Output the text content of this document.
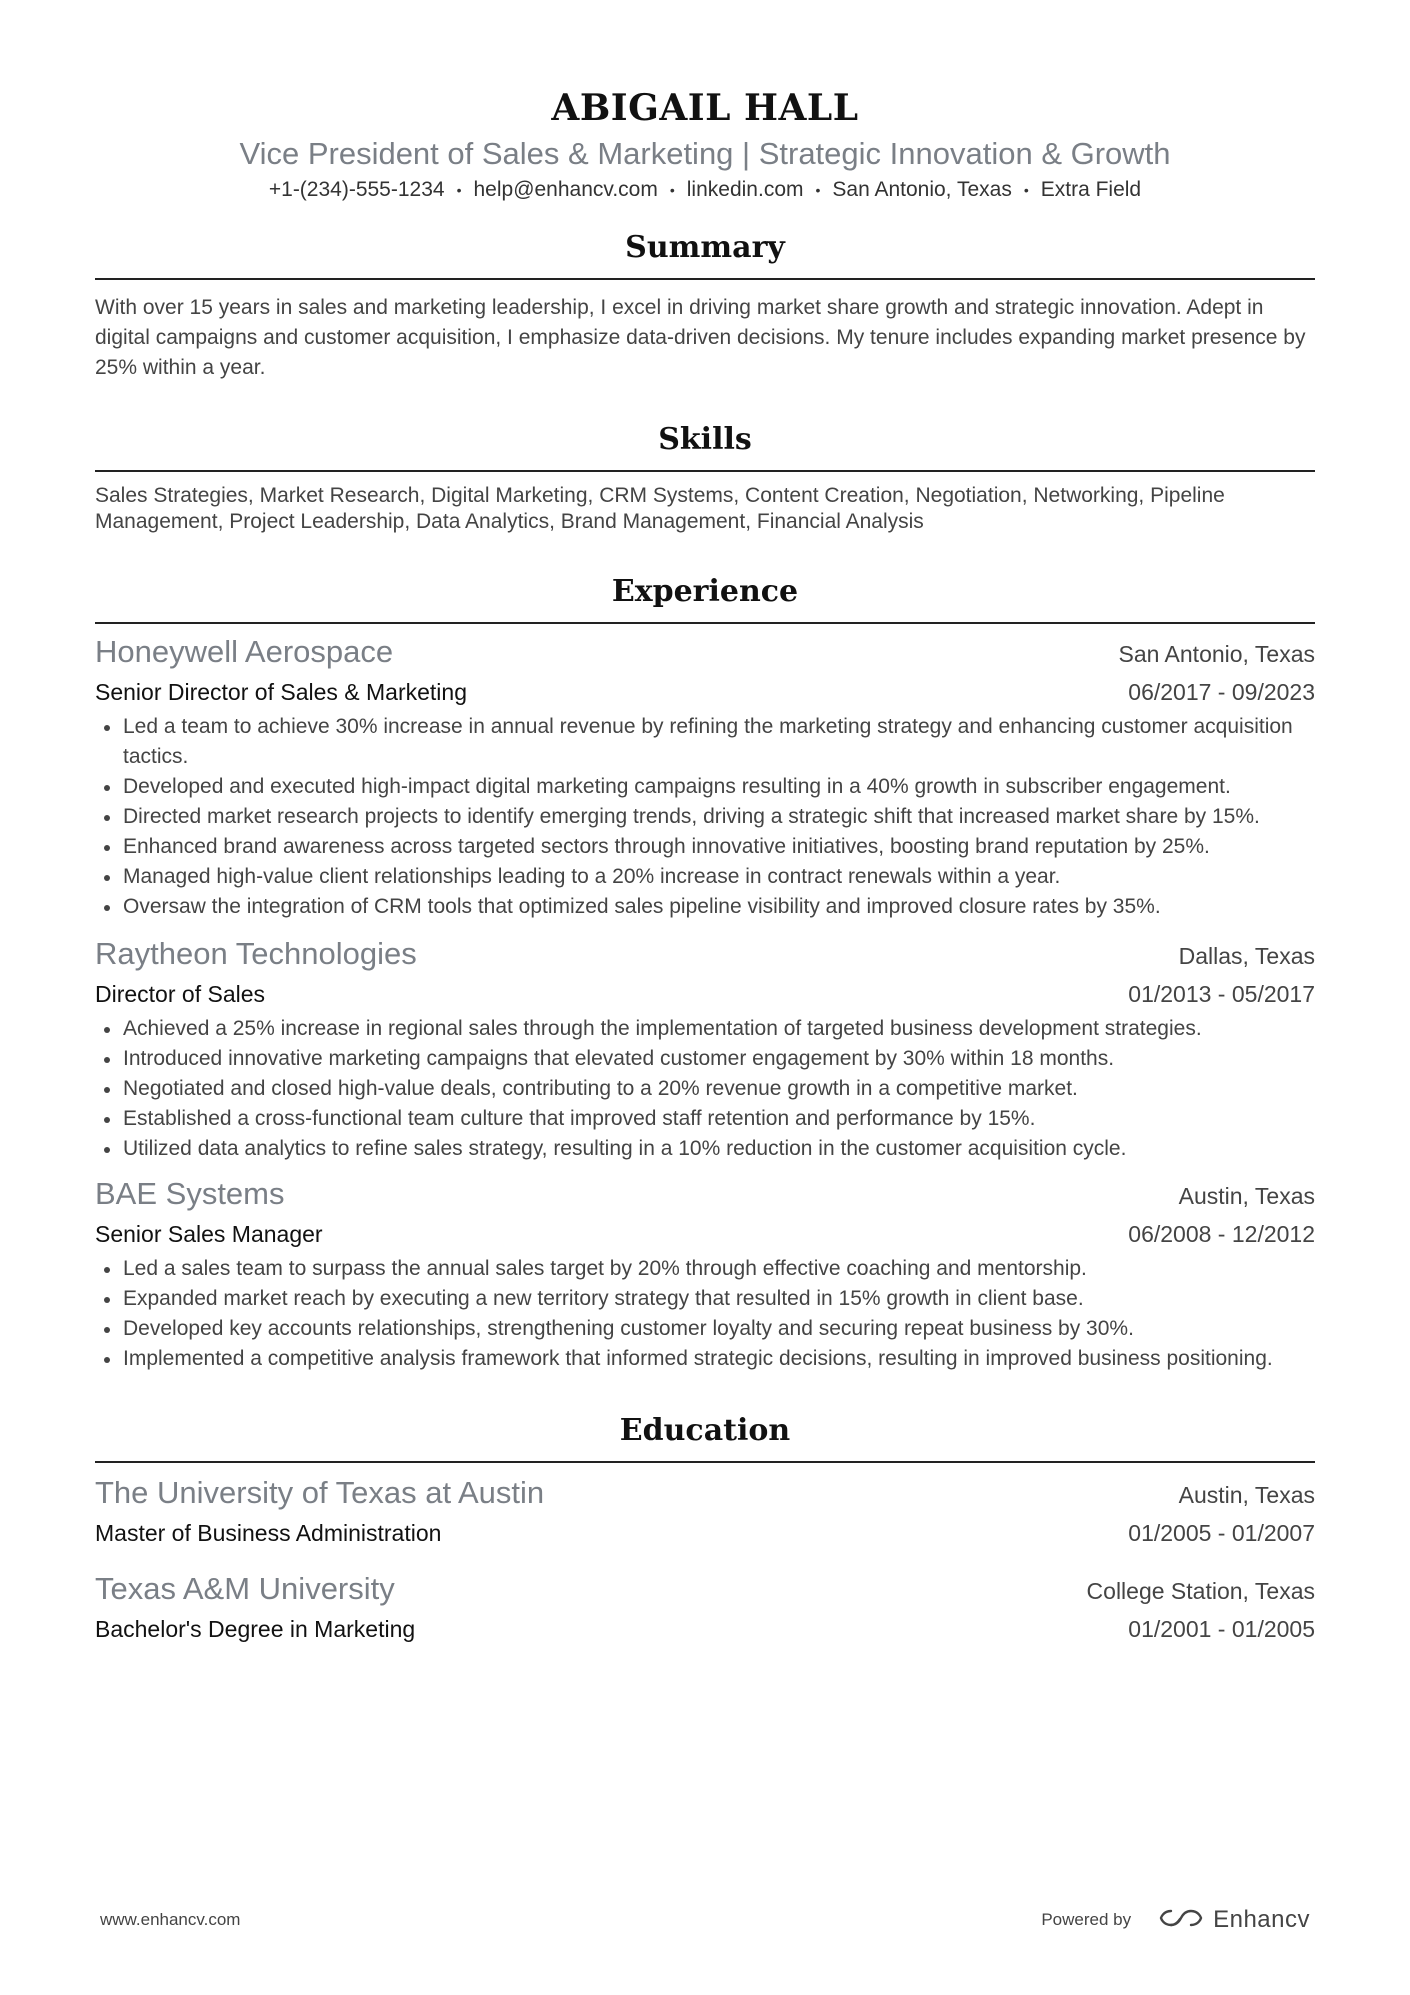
ABIGAIL HALL
Vice President of Sales & Marketing | Strategic Innovation & Growth
+1-(234)-555-1234 • help@enhancv.com • linkedin.com • San Antonio, Texas • Extra Field
Summary
With over 15 years in sales and marketing leadership, I excel in driving market share growth and strategic innovation. Adept in digital campaigns and customer acquisition, I emphasize data-driven decisions. My tenure includes expanding market presence by 25% within a year.
Skills
Sales Strategies, Market Research, Digital Marketing, CRM Systems, Content Creation, Negotiation, Networking, Pipeline Management, Project Leadership, Data Analytics, Brand Management, Financial Analysis
Experience
Honeywell Aerospace	San Antonio, Texas
Senior Director of Sales & Marketing	06/2017 - 09/2023
Led a team to achieve 30% increase in annual revenue by refining the marketing strategy and enhancing customer acquisition tactics.
Developed and executed high-impact digital marketing campaigns resulting in a 40% growth in subscriber engagement.
Directed market research projects to identify emerging trends, driving a strategic shift that increased market share by 15%.
Enhanced brand awareness across targeted sectors through innovative initiatives, boosting brand reputation by 25%.
Managed high-value client relationships leading to a 20% increase in contract renewals within a year.
Oversaw the integration of CRM tools that optimized sales pipeline visibility and improved closure rates by 35%.
Raytheon Technologies	Dallas, Texas
Director of Sales	01/2013 - 05/2017
Achieved a 25% increase in regional sales through the implementation of targeted business development strategies.
Introduced innovative marketing campaigns that elevated customer engagement by 30% within 18 months.
Negotiated and closed high-value deals, contributing to a 20% revenue growth in a competitive market.
Established a cross-functional team culture that improved staff retention and performance by 15%.
Utilized data analytics to refine sales strategy, resulting in a 10% reduction in the customer acquisition cycle.
BAE Systems	Austin, Texas
Senior Sales Manager	06/2008 - 12/2012
Led a sales team to surpass the annual sales target by 20% through effective coaching and mentorship.
Expanded market reach by executing a new territory strategy that resulted in 15% growth in client base.
Developed key accounts relationships, strengthening customer loyalty and securing repeat business by 30%.
Implemented a competitive analysis framework that informed strategic decisions, resulting in improved business positioning.
Education
The University of Texas at Austin	Austin, Texas
Master of Business Administration	01/2005 - 01/2007
Texas A&M University	College Station, Texas
Bachelor's Degree in Marketing	01/2001 - 01/2005
www.enhancv.com	Powered by	Enhancv
